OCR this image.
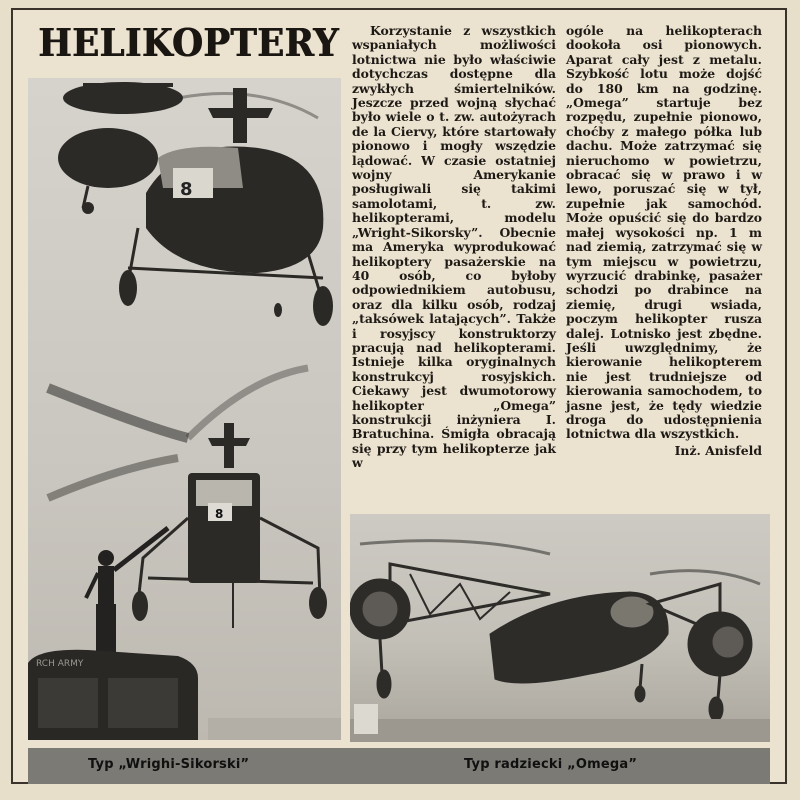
HELIKOPTERY
8
8
RCH ARMY

Korzystanie z wszystkich wspaniałych możliwości lotnictwa nie było właściwie dotychczas dostępne dla zwykłych śmiertelników. Jeszcze przed wojną słychać było wiele o t. zw. autożyrach de la Ciervy, które startowały pionowo i mogły wszędzie lądować. W czasie ostatniej wojny Amerykanie posługiwali się takimi samolotami, t. zw. helikopterami, modelu „Wright-Sikorsky”. Obecnie ma Ameryka wyprodukować helikoptery pasażerskie na 40 osób, co byłoby odpowiednikiem autobusu, oraz dla kilku osób, rodzaj „taksówek latających”. Także i rosyjscy konstruktorzy pracują nad helikopterami. Istnieje kilka oryginalnych konstrukcyj rosyjskich. Ciekawy jest dwumotorowy helikopter „Omega” konstrukcji inżyniera I. Bratuchina. Śmigła obracają się przy tym helikopterze jak w

ogóle na helikopterach dookoła osi pionowych. Aparat cały jest z metalu. Szybkość lotu może dojść do 180 km na godzinę. „Omega” startuje bez rozpędu, zupełnie pionowo, choćby z małego półka lub dachu. Może zatrzymać się nieruchomo w powietrzu, obracać się w prawo i w lewo, poruszać się w tył, zupełnie jak samochód. Może opuścić się do bardzo małej wysokości np. 1 m nad ziemią, zatrzymać się w tym miejscu w powietrzu, wyrzucić drabinkę, pasażer schodzi po drabince na ziemię, drugi wsiada, poczym helikopter rusza dalej. Lotnisko jest zbędne. Jeśli uwzględnimy, że kierowanie helikopterem nie jest trudniejsze od kierowania samochodem, to jasne jest, że tędy wiedzie droga do udostępnienia lotnictwa dla wszystkich.

Inż. Anisfeld

Typ „Wrighi-Sikorski”	Typ radziecki „Omega”
